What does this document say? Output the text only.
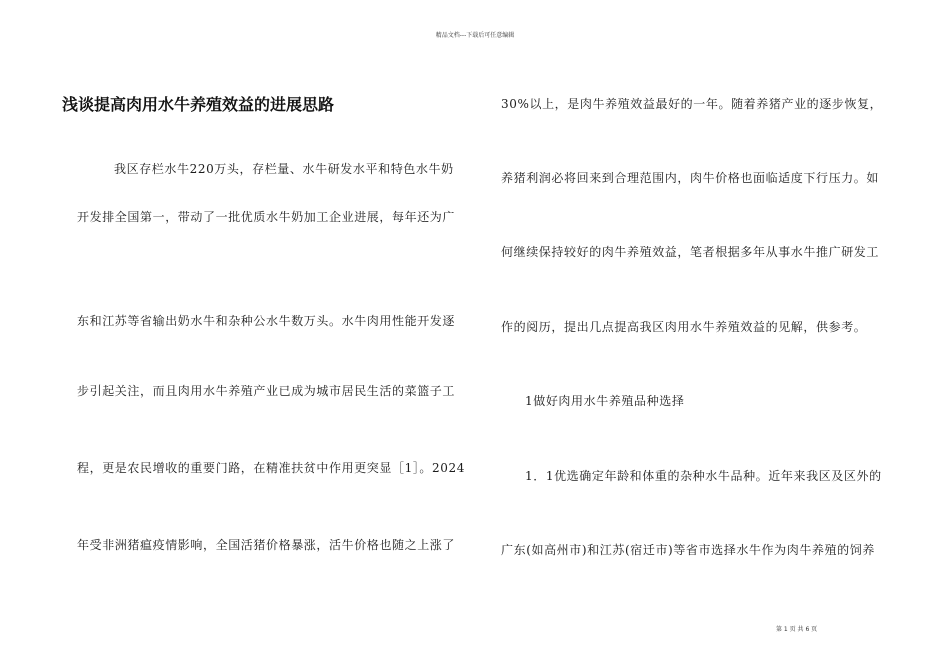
精品文档---下载后可任意编辑
浅谈提高肉用水牛养殖效益的进展思路
我区存栏水牛220万头，存栏量、水牛研发水平和特色水牛奶
开发排全国第一，带动了一批优质水牛奶加工企业进展，每年还为广
东和江苏等省输出奶水牛和杂种公水牛数万头。水牛肉用性能开发逐
步引起关注，而且肉用水牛养殖产业已成为城市居民生活的菜篮子工
程，更是农民增收的重要门路，在精准扶贫中作用更突显［1］。2024
年受非洲猪瘟疫情影响，全国活猪价格暴涨，活牛价格也随之上涨了
30%以上，是肉牛养殖效益最好的一年。随着养猪产业的逐步恢复，
养猪利润必将回来到合理范围内，肉牛价格也面临适度下行压力。如
何继续保持较好的肉牛养殖效益，笔者根据多年从事水牛推广研发工
作的阅历，提出几点提高我区肉用水牛养殖效益的见解，供参考。
1做好肉用水牛养殖品种选择
1．1优选确定年龄和体重的杂种水牛品种。近年来我区及区外的
广东(如高州市)和江苏(宿迁市)等省市选择水牛作为肉牛养殖的饲养
第 1 页 共 6 页
